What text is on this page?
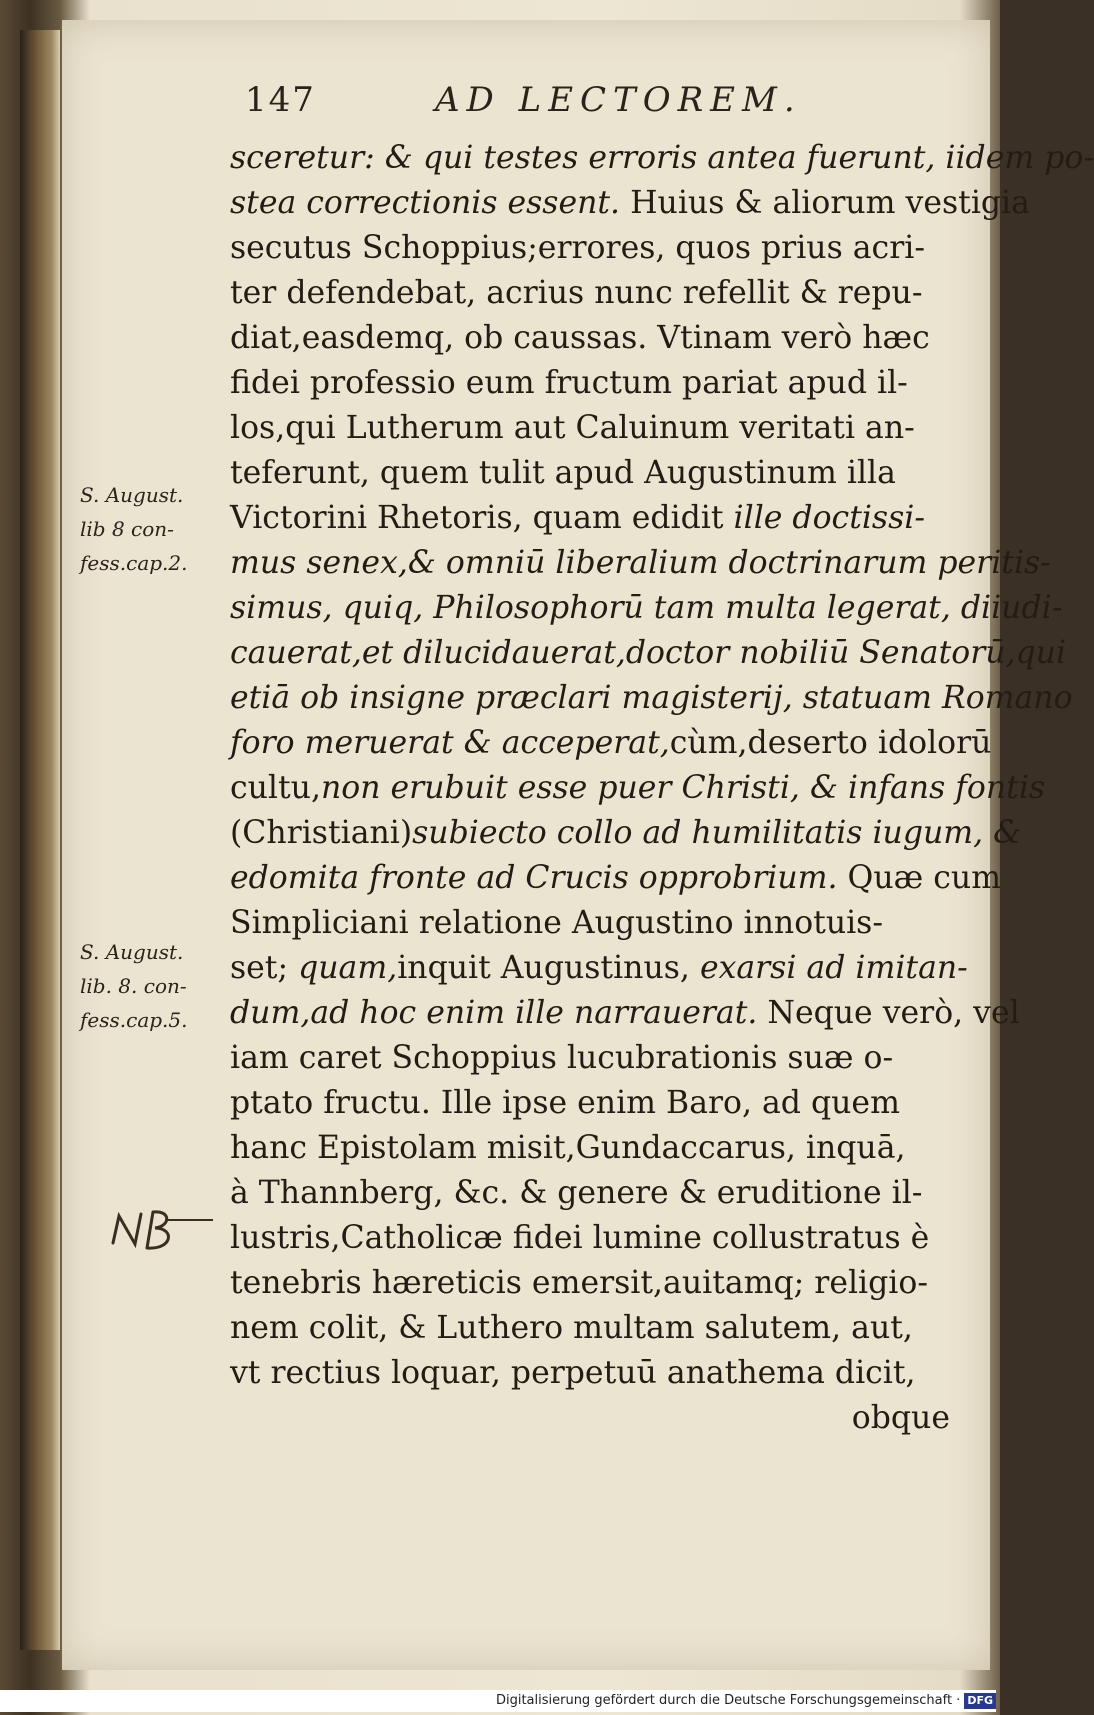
147	AD LECTOREM.
sceretur: & qui testes erroris antea fuerunt, iidem po-
stea correctionis essent. Huius & aliorum vestigia
secutus Schoppius;errores, quos prius acri-
ter defendebat, acrius nunc refellit & repu-
diat,easdemq, ob caussas. Vtinam verò hæc
fidei professio eum fructum pariat apud il-
los,qui Lutherum aut Caluinum veritati an-
teferunt, quem tulit apud Augustinum illa
Victorini Rhetoris, quam edidit ille doctissi-
mus senex,& omniū liberalium doctrinarum peritis-
simus, quiq, Philosophorū tam multa legerat, diiudi-
cauerat,et dilucidauerat,doctor nobiliū Senatorū,qui
etiā ob insigne præclari magisterij, statuam Romano
foro meruerat & acceperat,cùm,deserto idolorū
cultu,non erubuit esse puer Christi, & infans fontis
(Christiani)subiecto collo ad humilitatis iugum, &
edomita fronte ad Crucis opprobrium. Quæ cum
Simpliciani relatione Augustino innotuis-
set; quam,inquit Augustinus, exarsi ad imitan-
dum,ad hoc enim ille narrauerat. Neque verò, vel
iam caret Schoppius lucubrationis suæ o-
ptato fructu. Ille ipse enim Baro, ad quem
hanc Epistolam misit,Gundaccarus, inquā,
à Thannberg, &c. & genere & eruditione il-
lustris,Catholicæ fidei lumine collustratus è
tenebris hæreticis emersit,auitamq; religio-
nem colit, & Luthero multam salutem, aut,
vt rectius loquar, perpetuū anathema dicit,
obque
S. August.
lib 8 con-
fess.cap.2.
S. August.
lib. 8. con-
fess.cap.5.
Digitalisierung gefördert durch die Deutsche Forschungsgemeinschaft · DFG
